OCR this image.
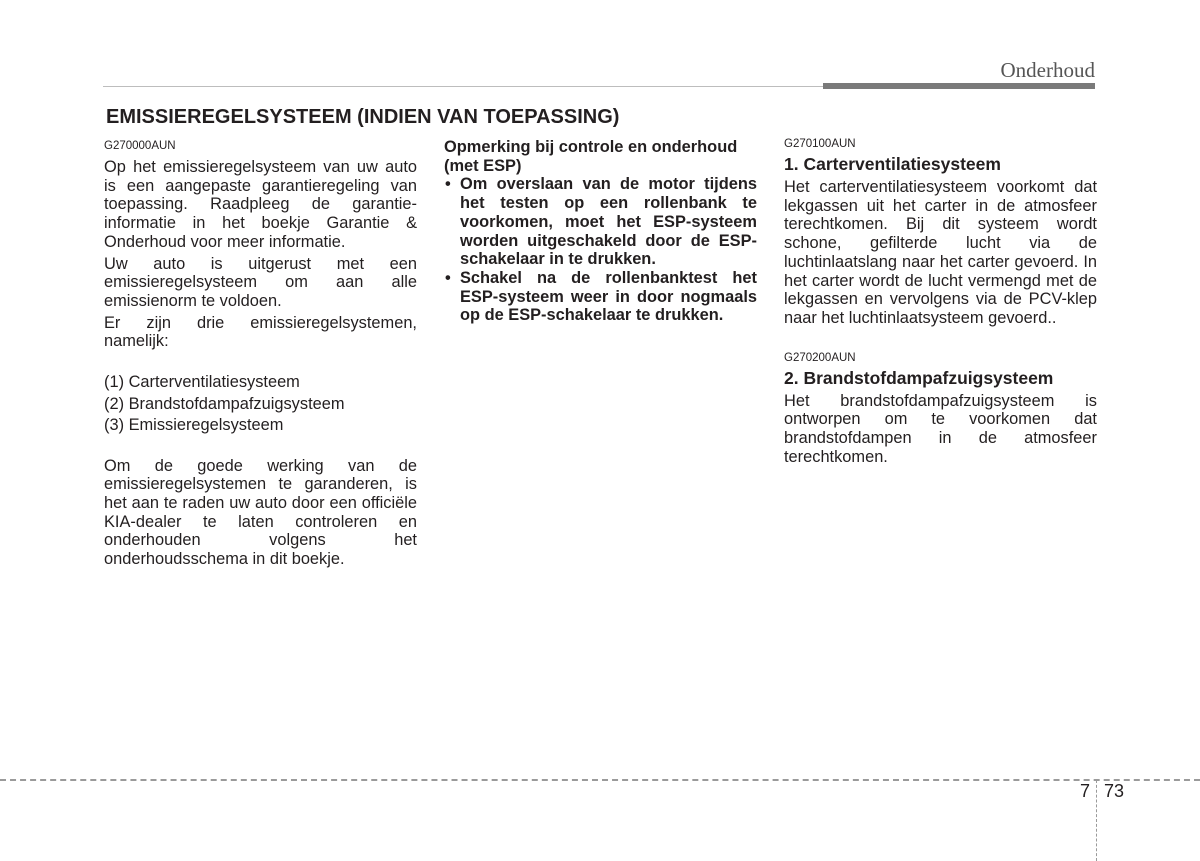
Onderhoud
EMISSIEREGELSYSTEEM (INDIEN VAN TOEPASSING)

G270000AUN

Op het emissieregelsysteem van uw auto is een aangepaste garantieregeling van toepassing. Raadpleeg de garantie-informatie in het boekje Garantie & Onderhoud voor meer informatie.

Uw auto is uitgerust met een emissieregelsysteem om aan alle emissienorm te voldoen.

Er zijn drie emissieregelsystemen, namelijk:

(1) Carterventilatiesysteem

(2) Brandstofdampafzuigsysteem

(3) Emissieregelsysteem

Om de goede werking van de emissieregelsystemen te garanderen, is het aan te raden uw auto door een officiële KIA-dealer te laten controleren en onderhouden volgens het onderhoudsschema in dit boekje.

Opmerking bij controle en onderhoud (met ESP)

• Om overslaan van de motor tijdens het testen op een rollenbank te voorkomen, moet het ESP-systeem worden uitgeschakeld door de ESP-schakelaar in te drukken.
• Schakel na de rollenbanktest het ESP-systeem weer in door nogmaals op de ESP-schakelaar te drukken.

G270100AUN

1. Carterventilatiesysteem

Het carterventilatiesysteem voorkomt dat lekgassen uit het carter in de atmosfeer terechtkomen. Bij dit systeem wordt schone, gefilterde lucht via de luchtinlaatslang naar het carter gevoerd. In het carter wordt de lucht vermengd met de lekgassen en vervolgens via de PCV-klep naar het luchtinlaatsysteem gevoerd..

G270200AUN

2. Brandstofdampafzuigsysteem

Het brandstofdampafzuigsysteem is ontworpen om te voorkomen dat brandstofdampen in de atmosfeer terechtkomen.

7 73
